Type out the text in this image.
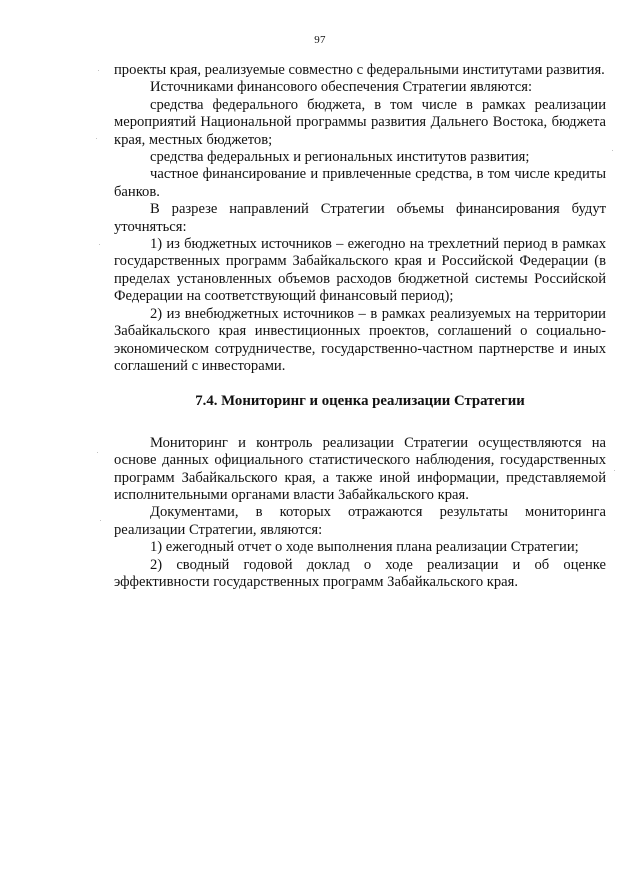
97

проекты края, реализуемые совместно с федеральными институтами развития.

Источниками финансового обеспечения Стратегии являются:

средства федерального бюджета, в том числе в рамках реализации мероприятий Национальной программы развития Дальнего Востока, бюджета края, местных бюджетов;

средства федеральных и региональных институтов развития;

частное финансирование и привлеченные средства, в том числе кредиты банков.

В разрезе направлений Стратегии объемы финансирования будут уточняться:

1) из бюджетных источников – ежегодно на трехлетний период в рамках государственных программ Забайкальского края и Российской Федерации (в пределах установленных объемов расходов бюджетной системы Российской Федерации на соответствующий финансовый период);

2) из внебюджетных источников – в рамках реализуемых на территории Забайкальского края инвестиционных проектов, соглашений о социально-экономическом сотрудничестве, государственно-частном партнерстве и иных соглашений с инвесторами.

7.4. Мониторинг и оценка реализации Стратегии

Мониторинг и контроль реализации Стратегии осуществляются на основе данных официального статистического наблюдения, государственных программ Забайкальского края, а также иной информации, представляемой исполнительными органами власти Забайкальского края.

Документами, в которых отражаются результаты мониторинга реализации Стратегии, являются:

1) ежегодный отчет о ходе выполнения плана реализации Стратегии;

2) сводный годовой доклад о ходе реализации и об оценке эффективности государственных программ Забайкальского края.
